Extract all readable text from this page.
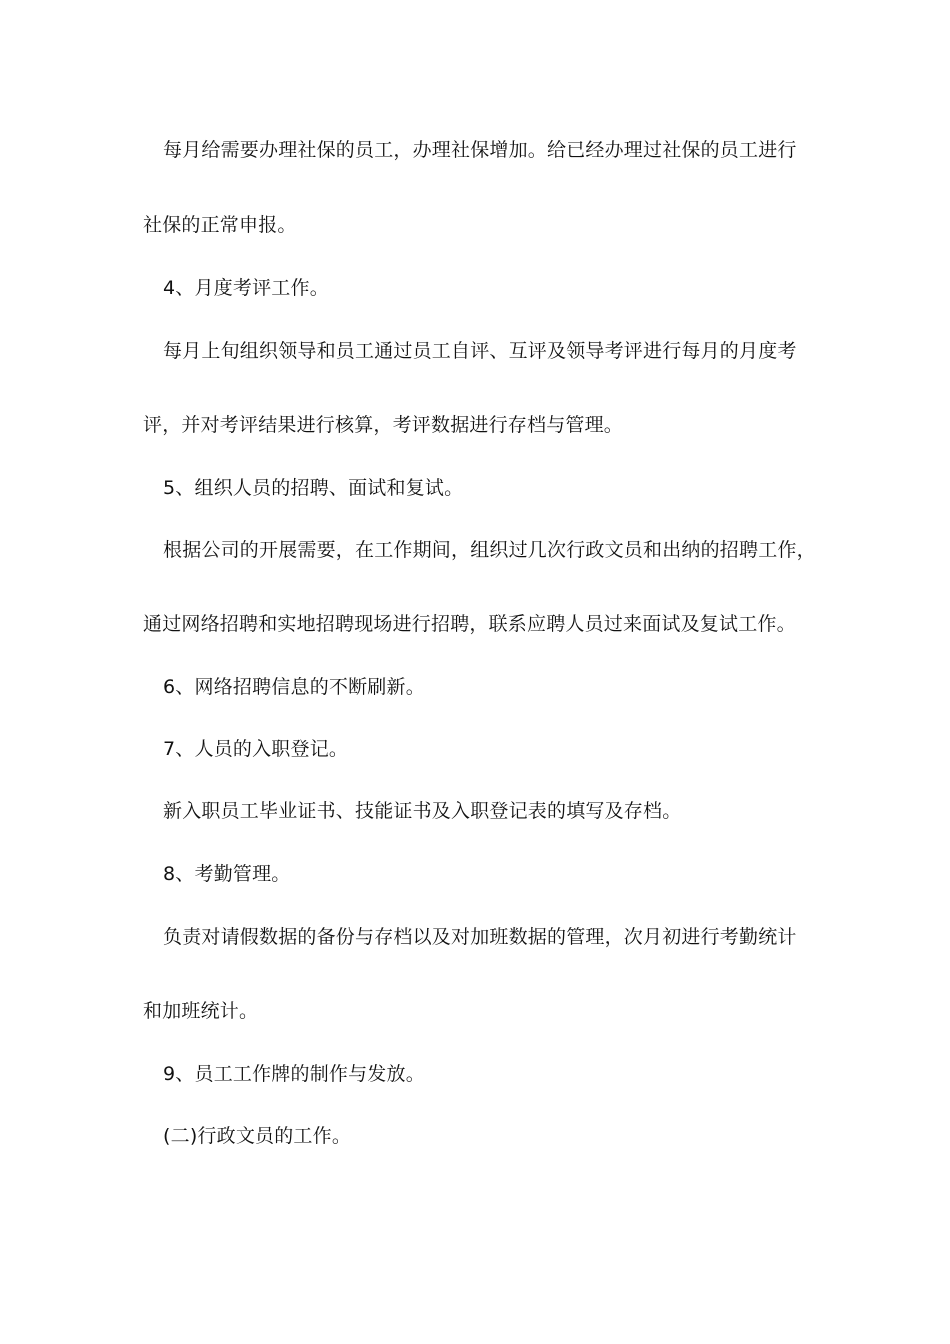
每月给需要办理社保的员工，办理社保增加。给已经办理过社保的员工进行
社保的正常申报。
4、月度考评工作。
每月上旬组织领导和员工通过员工自评、互评及领导考评进行每月的月度考
评，并对考评结果进行核算，考评数据进行存档与管理。
5、组织人员的招聘、面试和复试。
根据公司的开展需要，在工作期间，组织过几次行政文员和出纳的招聘工作，
通过网络招聘和实地招聘现场进行招聘，联系应聘人员过来面试及复试工作。
6、网络招聘信息的不断刷新。
7、人员的入职登记。
新入职员工毕业证书、技能证书及入职登记表的填写及存档。
8、考勤管理。
负责对请假数据的备份与存档以及对加班数据的管理，次月初进行考勤统计
和加班统计。
9、员工工作牌的制作与发放。
(二)行政文员的工作。
